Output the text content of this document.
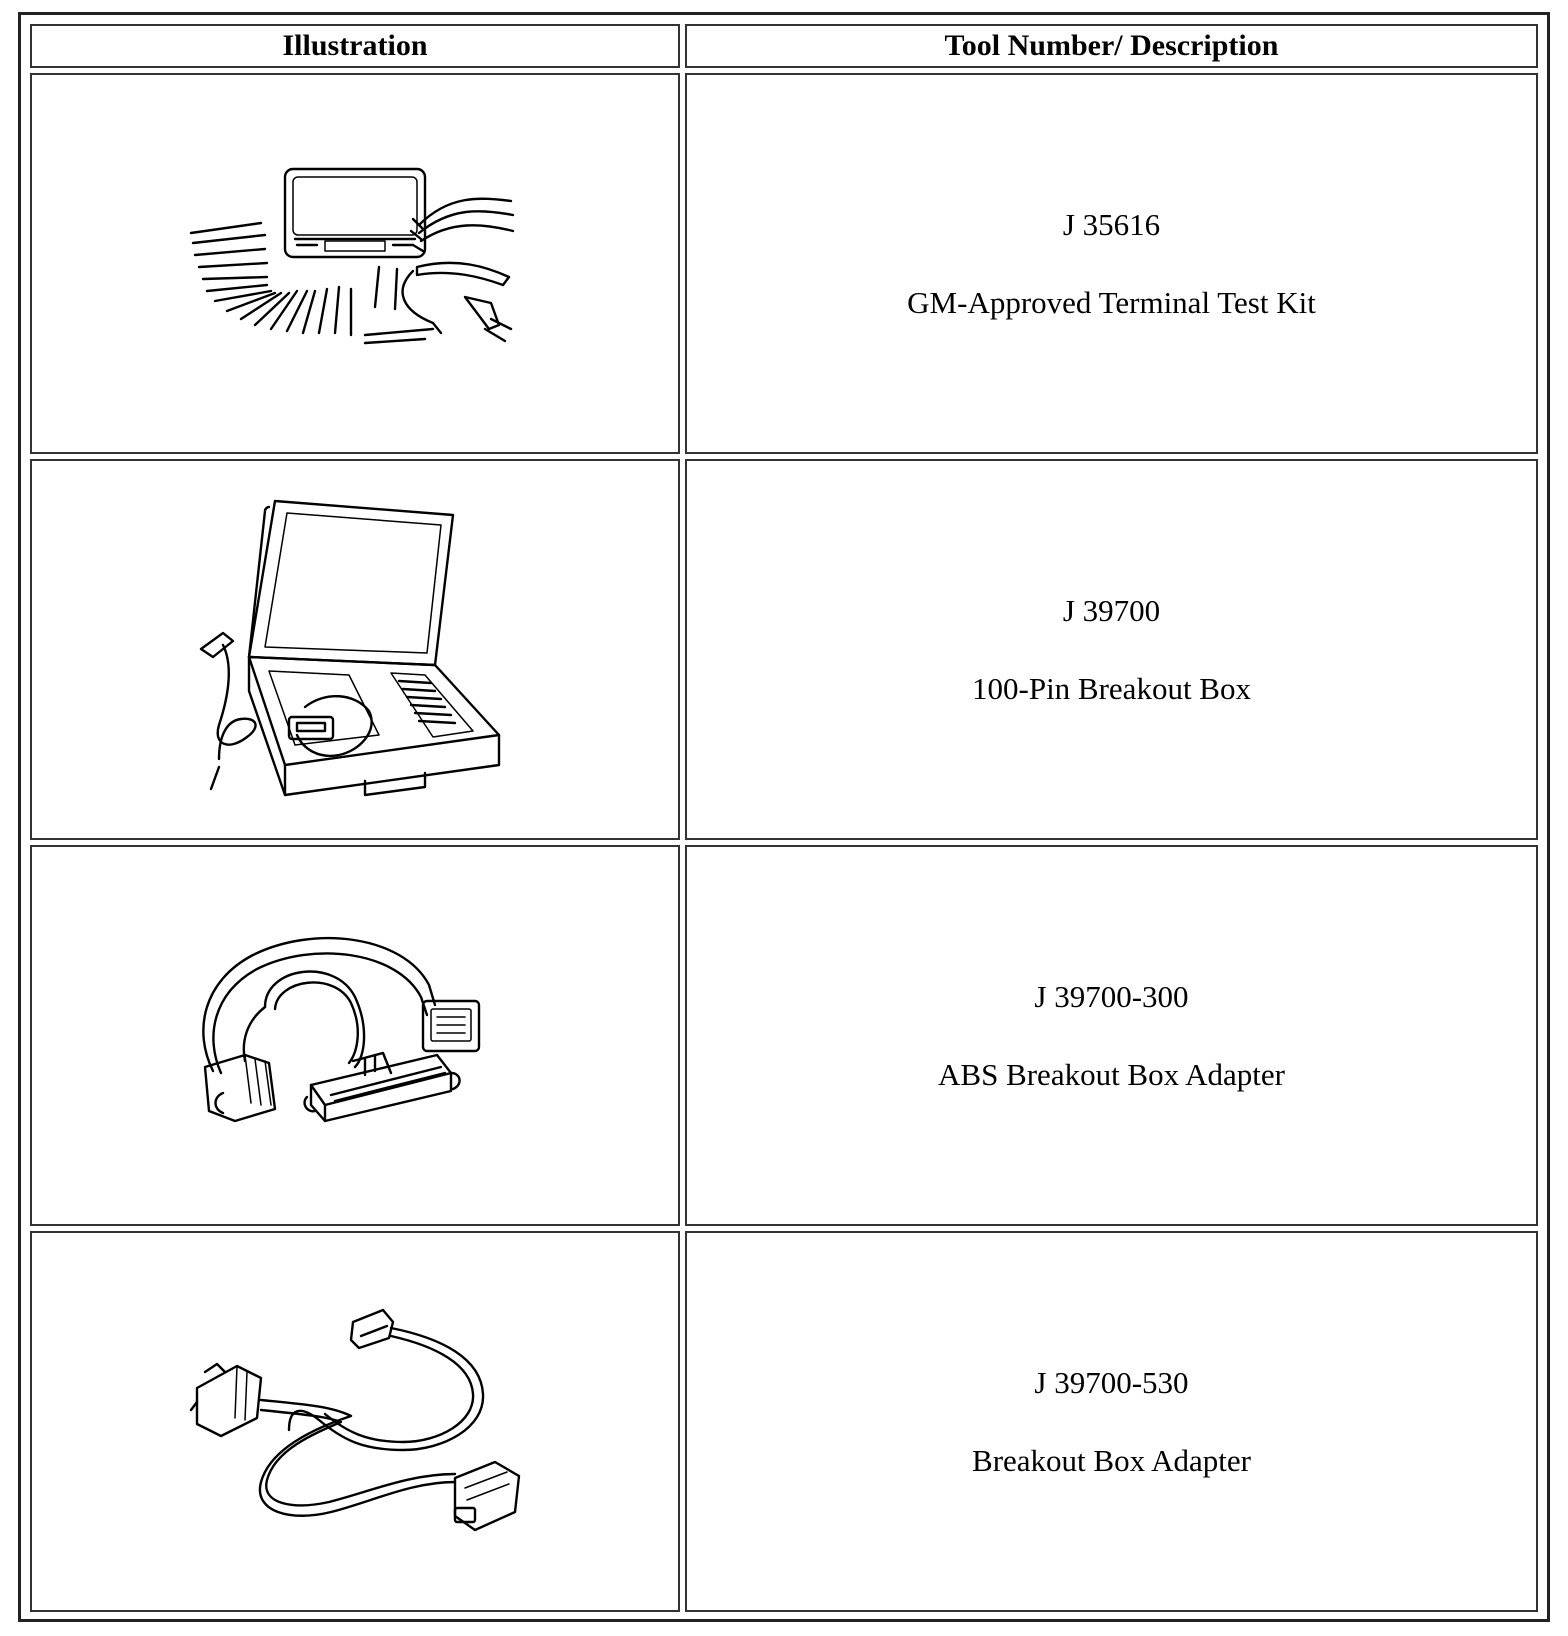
Illustration	Tool Number/ Description

J 35616
GM-Approved Terminal Test Kit

J 39700
100-Pin Breakout Box

J 39700-300
ABS Breakout Box Adapter

J 39700-530
Breakout Box Adapter
